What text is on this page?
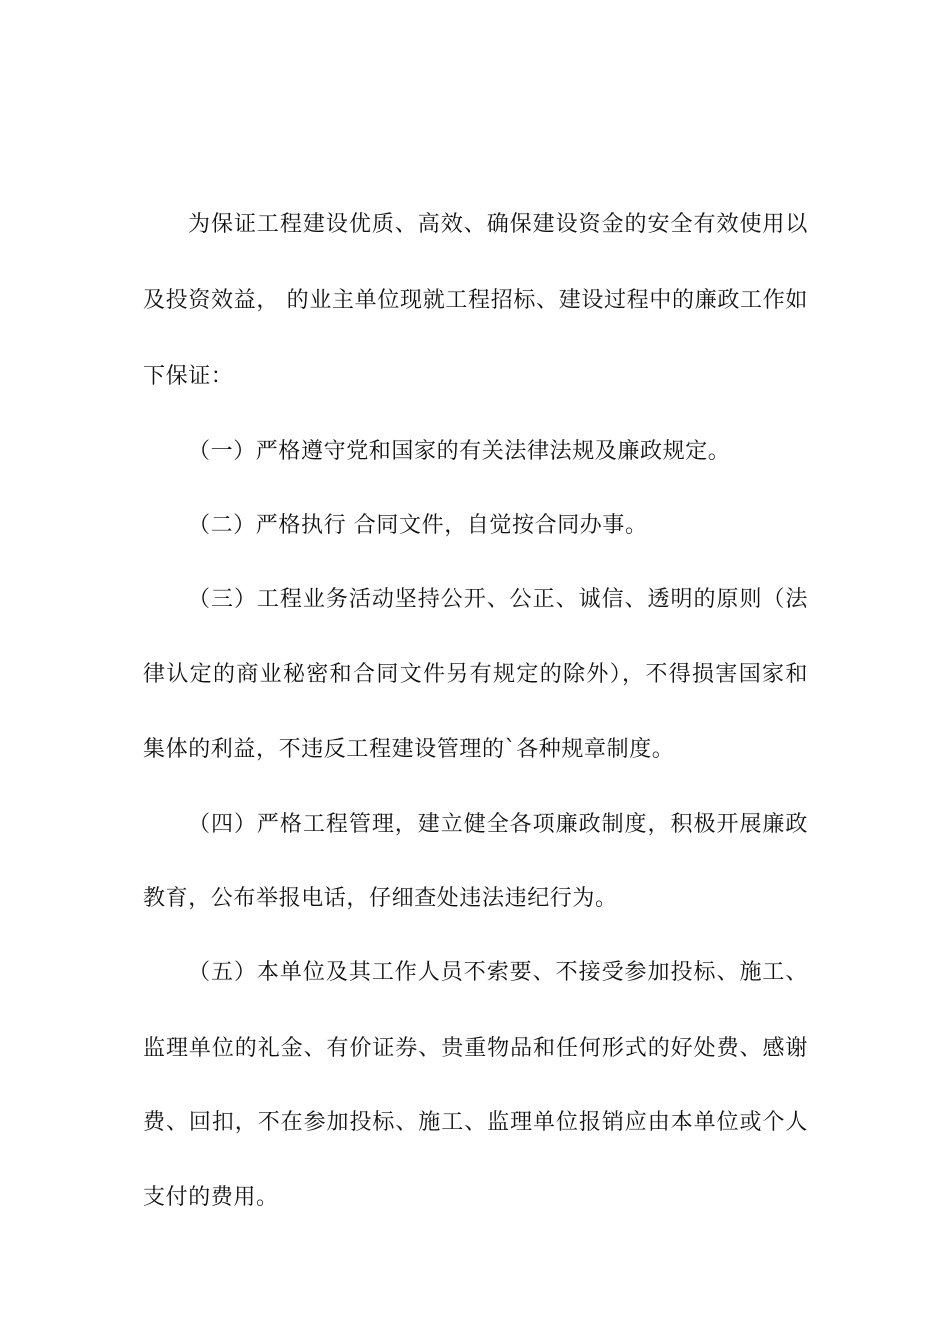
为保证工程建设优质、高效、确保建设资金的安全有效使用以
及投资效益， 的业主单位现就工程招标、建设过程中的廉政工作如
下保证：
（一）严格遵守党和国家的有关法律法规及廉政规定。
（二）严格执行 合同文件，自觉按合同办事。
（三）工程业务活动坚持公开、公正、诚信、透明的原则（法
律认定的商业秘密和合同文件另有规定的除外），不得损害国家和
集体的利益，不违反工程建设管理的`各种规章制度。
（四）严格工程管理，建立健全各项廉政制度，积极开展廉政
教育，公布举报电话，仔细查处违法违纪行为。
（五）本单位及其工作人员不索要、不接受参加投标、施工、
监理单位的礼金、有价证券、贵重物品和任何形式的好处费、感谢
费、回扣，不在参加投标、施工、监理单位报销应由本单位或个人
支付的费用。
